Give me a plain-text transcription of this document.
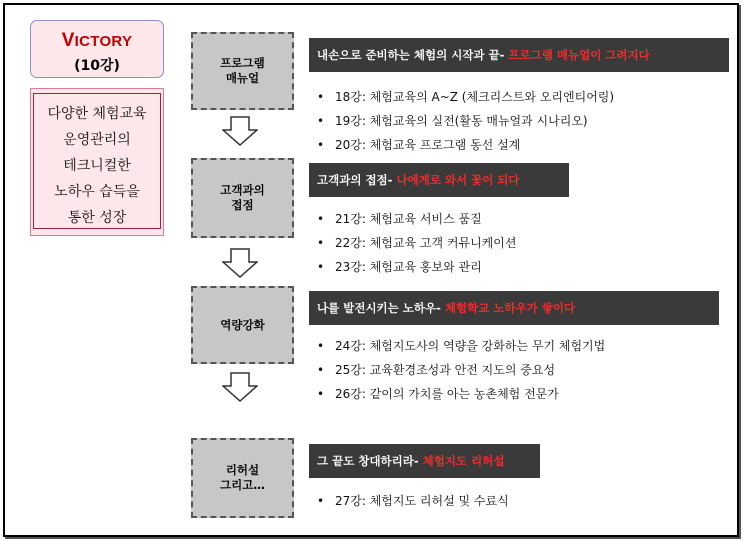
VICTORY
(10강)
다양한 체험교육
운영관리의
테크니컬한
노하우 습득을
통한 성장
프로그램
매뉴얼
내손으로 준비하는 체험의 시작과 끝- 프로그램 매뉴얼이 그려지다
• 18강: 체험교육의 A~Z (체크리스트와 오리엔티어링)
• 19강: 체험교육의 실전(활동 매뉴얼과 시나리오)
• 20강: 체험교육 프로그램 동선 설계
고객과의
접점
고객과의 접점- 나에게로 와서 꽃이 되다
• 21강: 체험교육 서비스 품질
• 22강: 체험교육 고객 커뮤니케이션
• 23강: 체험교육 홍보와 관리
역량강화
나를 발전시키는 노하우- 체험학교 노하우가 쌓이다
• 24강: 체험지도사의 역량을 강화하는 무기 체험기법
• 25강: 교육환경조성과 안전 지도의 중요성
• 26강: 같이의 가치를 아는 농촌체험 전문가
리허설
그리고…
그 끝도 창대하리라- 체험지도 리허설
• 27강: 체험지도 리허설 및 수료식
